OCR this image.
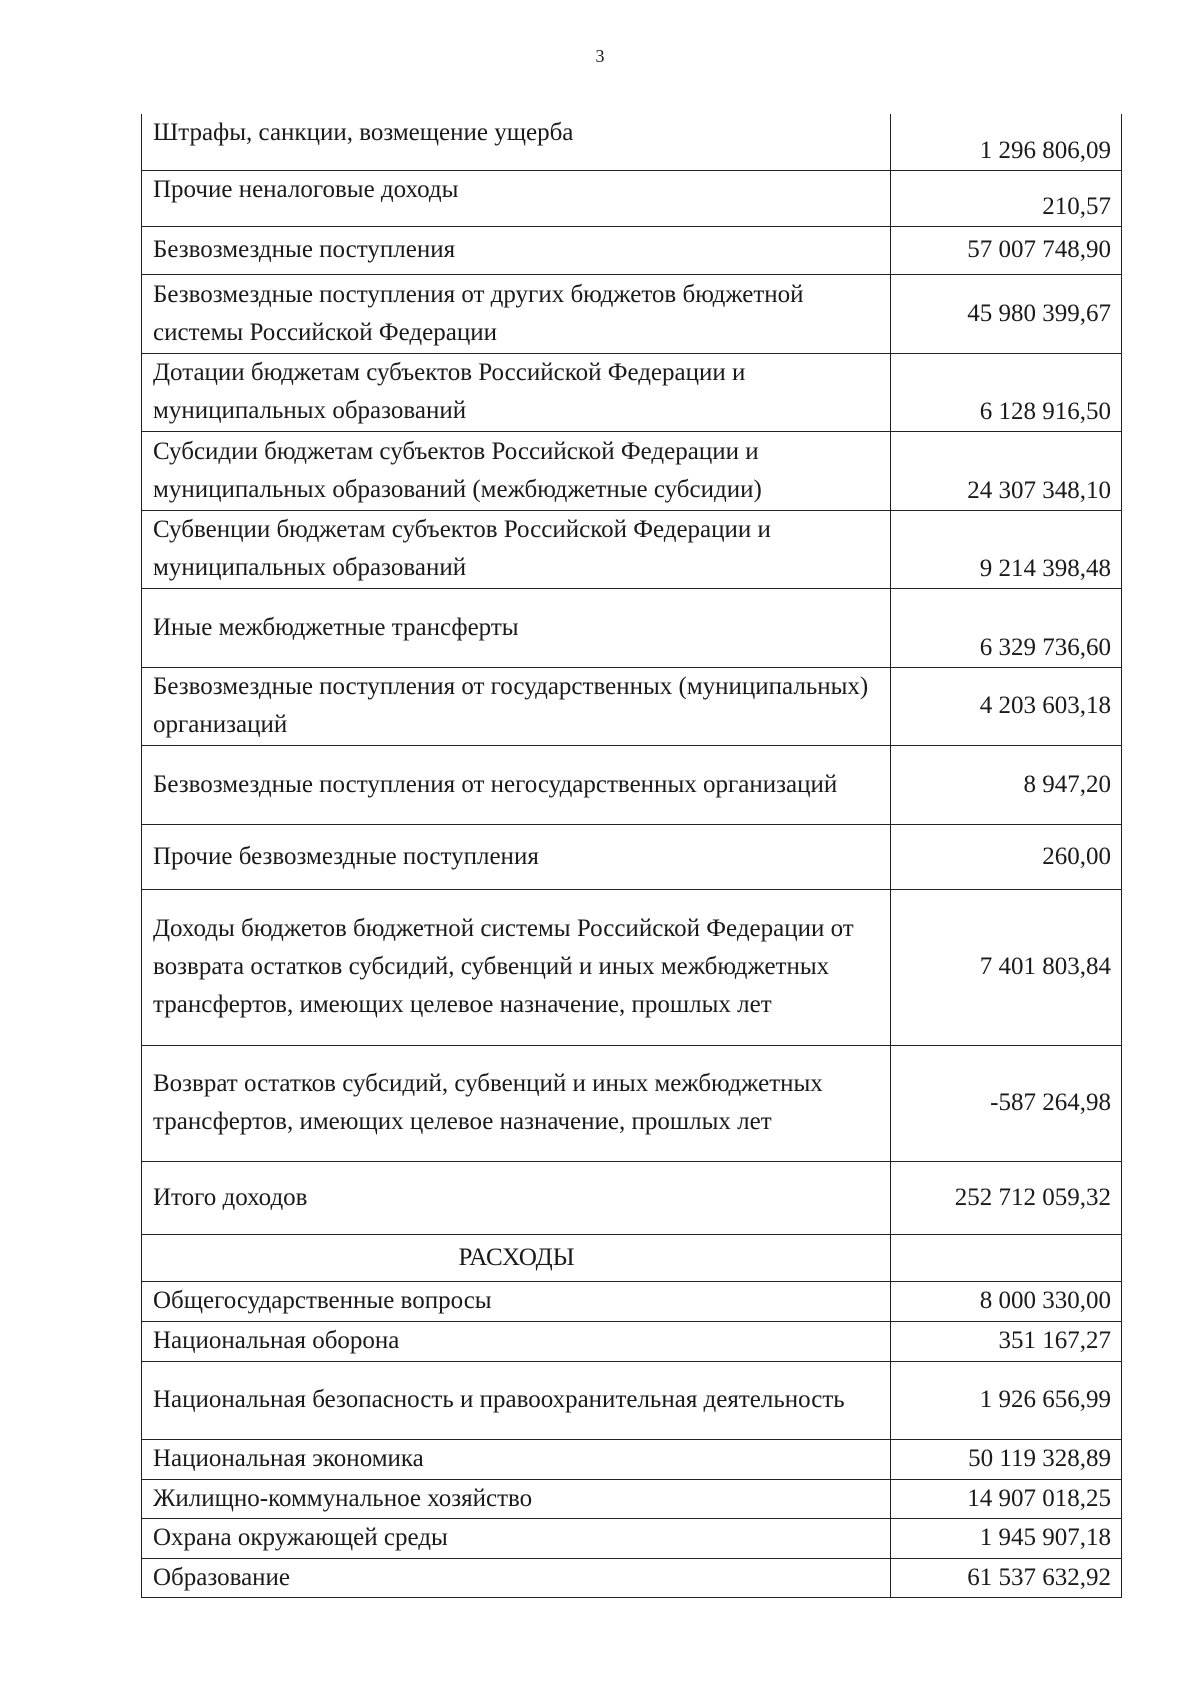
3
Штрафы, санкции, возмещение ущерба	1 296 806,09
Прочие неналоговые доходы	210,57
Безвозмездные поступления	57 007 748,90
Безвозмездные поступления от других бюджетов бюджетной системы Российской Федерации	45 980 399,67
Дотации бюджетам субъектов Российской Федерации и муниципальных образований	6 128 916,50
Субсидии бюджетам субъектов Российской Федерации и муниципальных образований (межбюджетные субсидии)	24 307 348,10
Субвенции бюджетам субъектов Российской Федерации и муниципальных образований	9 214 398,48
Иные межбюджетные трансферты	6 329 736,60
Безвозмездные поступления от государственных (муниципальных) организаций	4 203 603,18
Безвозмездные поступления от негосударственных организаций	8 947,20
Прочие безвозмездные поступления	260,00
Доходы бюджетов бюджетной системы Российской Федерации от возврата остатков субсидий, субвенций и иных межбюджетных трансфертов, имеющих целевое назначение, прошлых лет	7 401 803,84
Возврат остатков субсидий, субвенций и иных межбюджетных трансфертов, имеющих целевое назначение, прошлых лет	-587 264,98
Итого доходов	252 712 059,32
РАСХОДЫ	
Общегосударственные вопросы	8 000 330,00
Национальная оборона	351 167,27
Национальная безопасность и правоохранительная деятельность	1 926 656,99
Национальная экономика	50 119 328,89
Жилищно-коммунальное хозяйство	14 907 018,25
Охрана окружающей среды	1 945 907,18
Образование	61 537 632,92
